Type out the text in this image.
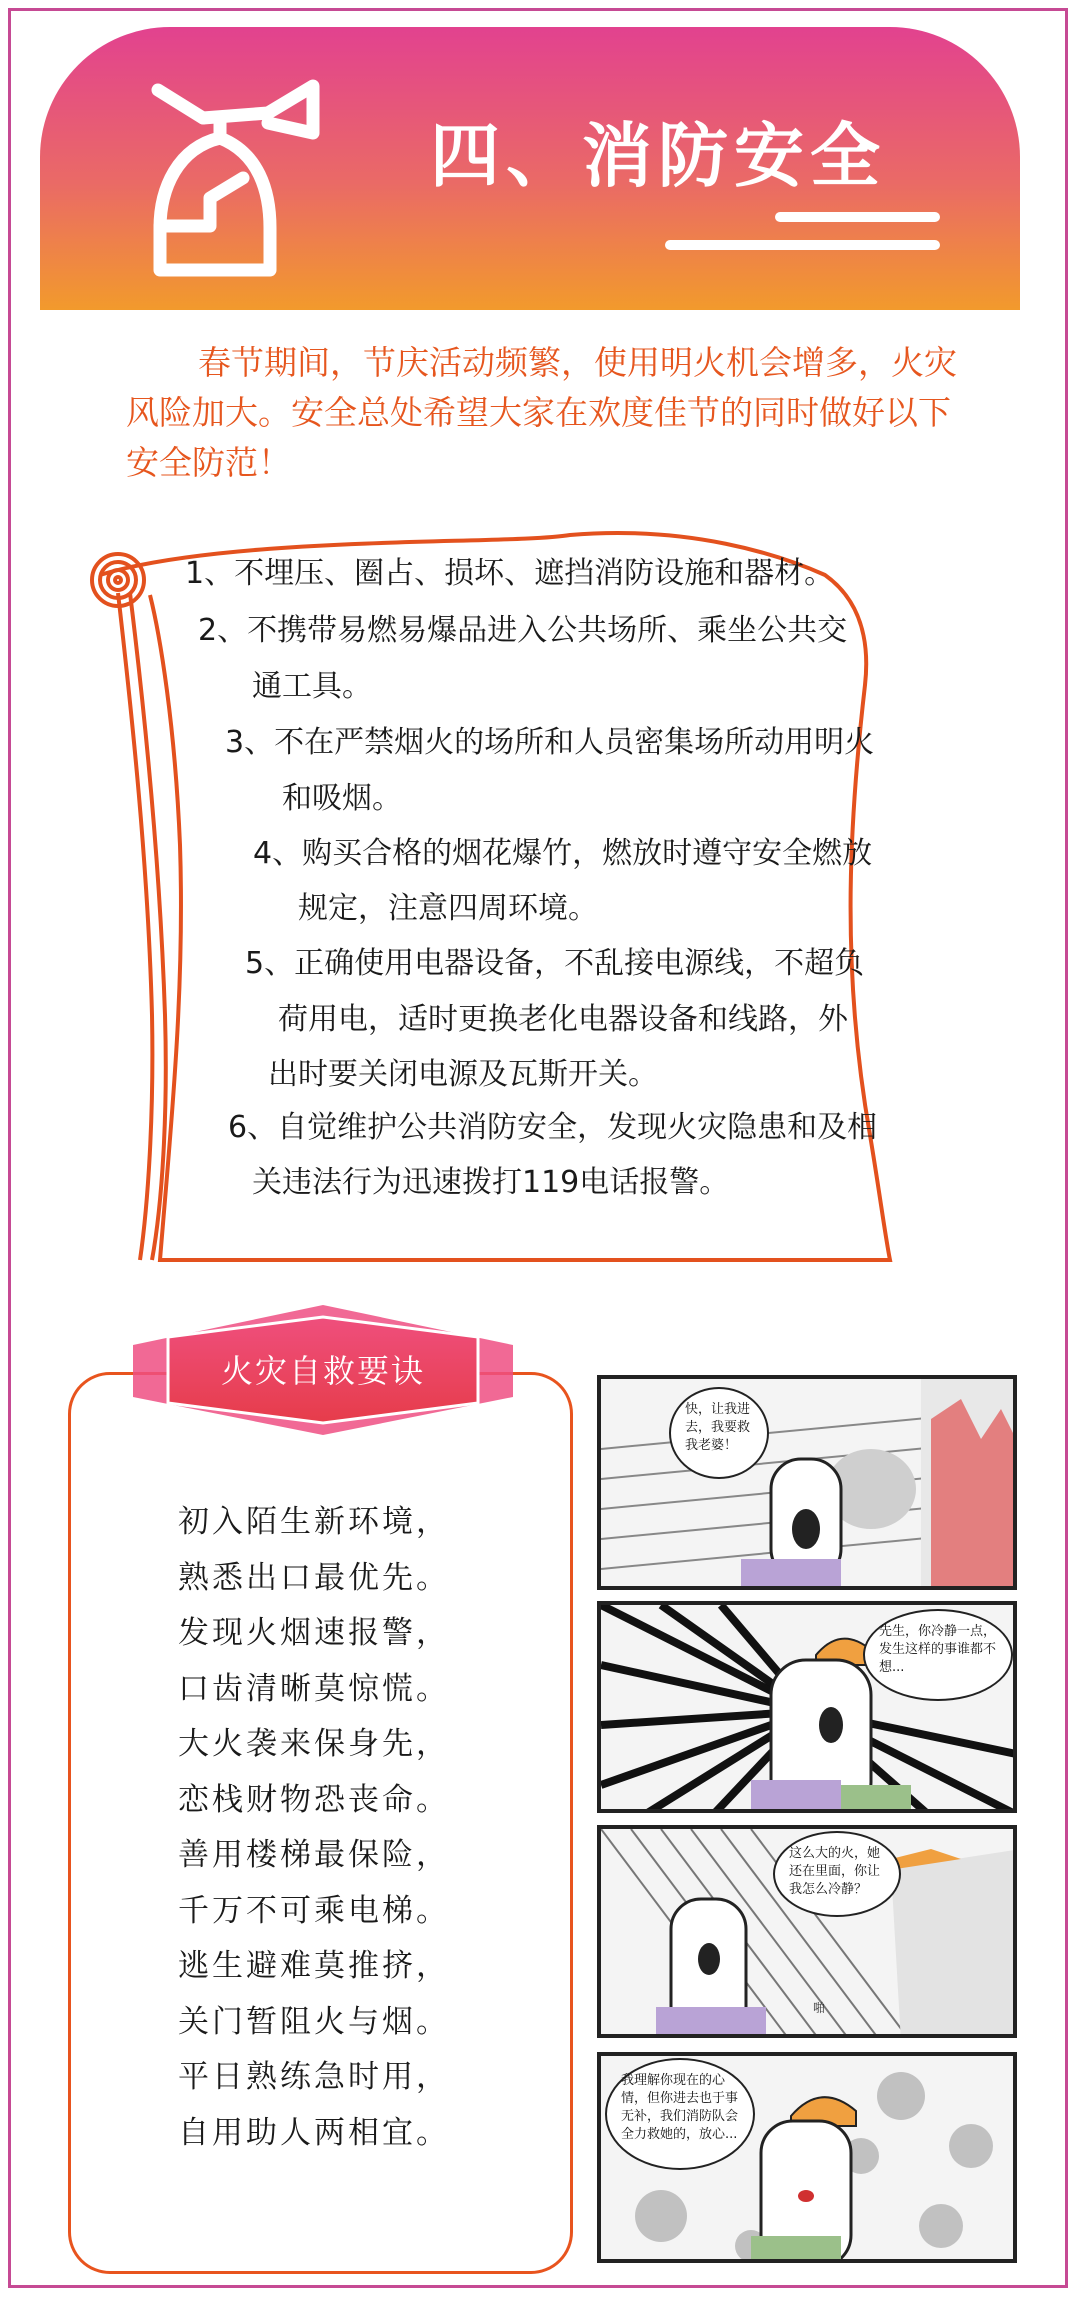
四、消防安全

春节期间，节庆活动频繁，使用明火机会增多，火灾风险加大。安全总处希望大家在欢度佳节的同时做好以下安全防范！

1、不埋压、圈占、损坏、遮挡消防设施和器材。
2、不携带易燃易爆品进入公共场所、乘坐公共交
通工具。
3、不在严禁烟火的场所和人员密集场所动用明火
和吸烟。
4、购买合格的烟花爆竹，燃放时遵守安全燃放
规定，注意四周环境。
5、正确使用电器设备，不乱接电源线，不超负
荷用电，适时更换老化电器设备和线路，外
出时要关闭电源及瓦斯开关。
6、自觉维护公共消防安全，发现火灾隐患和及相
关违法行为迅速拨打119电话报警。
火灾自救要诀
初入陌生新环境，
熟悉出口最优先。
发现火烟速报警，
口齿清晰莫惊慌。
大火袭来保身先，
恋栈财物恐丧命。
善用楼梯最保险，
千万不可乘电梯。
逃生避难莫推挤，
关门暂阻火与烟。
平日熟练急时用，
自用助人两相宜。
快，让我进去，我要救我老婆！
先生，你冷静一点，发生这样的事谁都不想...
这么大的火，她还在里面，你让我怎么冷静？
啪
我理解你现在的心情，但你进去也于事无补，我们消防队会全力救她的，放心...
